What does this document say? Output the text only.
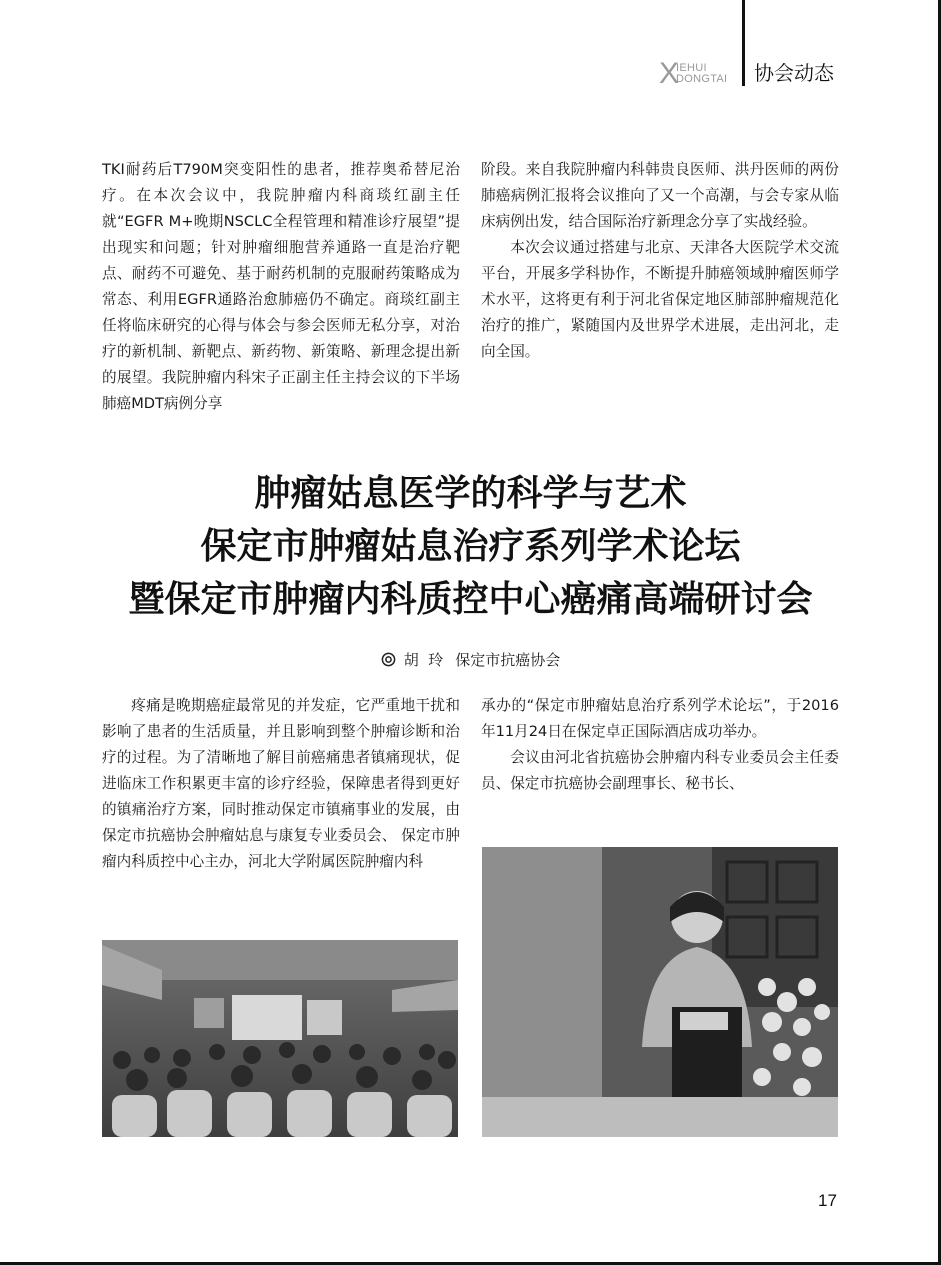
X
IEHUI
DONGTAI 协会动态

TKI耐药后T790M突变阳性的患者，推荐奥希替尼治疗。在本次会议中，我院肿瘤内科商琰红副主任就“EGFR M+晚期NSCLC全程管理和精准诊疗展望”提出现实和问题；针对肿瘤细胞营养通路一直是治疗靶点、耐药不可避免、基于耐药机制的克服耐药策略成为常态、利用EGFR通路治愈肺癌仍不确定。商琰红副主任将临床研究的心得与体会与参会医师无私分享，对治疗的新机制、新靶点、新药物、新策略、新理念提出新的展望。我院肿瘤内科宋子正副主任主持会议的下半场肺癌MDT病例分享

阶段。来自我院肿瘤内科韩贵良医师、洪丹医师的两份肺癌病例汇报将会议推向了又一个高潮，与会专家从临床病例出发，结合国际治疗新理念分享了实战经验。

本次会议通过搭建与北京、天津各大医院学术交流平台，开展多学科协作，不断提升肺癌领域肿瘤医师学术水平，这将更有利于河北省保定地区肺部肿瘤规范化治疗的推广，紧随国内及世界学术进展，走出河北，走向全国。

肿瘤姑息医学的科学与艺术
保定市肿瘤姑息治疗系列学术论坛
暨保定市肿瘤内科质控中心癌痛高端研讨会
胡  玲 保定市抗癌协会

疼痛是晚期癌症最常见的并发症，它严重地干扰和影响了患者的生活质量，并且影响到整个肿瘤诊断和治疗的过程。为了清晰地了解目前癌痛患者镇痛现状，促进临床工作积累更丰富的诊疗经验，保障患者得到更好的镇痛治疗方案，同时推动保定市镇痛事业的发展，由保定市抗癌协会肿瘤姑息与康复专业委员会、 保定市肿瘤内科质控中心主办，河北大学附属医院肿瘤内科

承办的“保定市肿瘤姑息治疗系列学术论坛”，于2016年11月24日在保定卓正国际酒店成功举办。

会议由河北省抗癌协会肿瘤内科专业委员会主任委员、保定市抗癌协会副理事长、秘书长、

17
